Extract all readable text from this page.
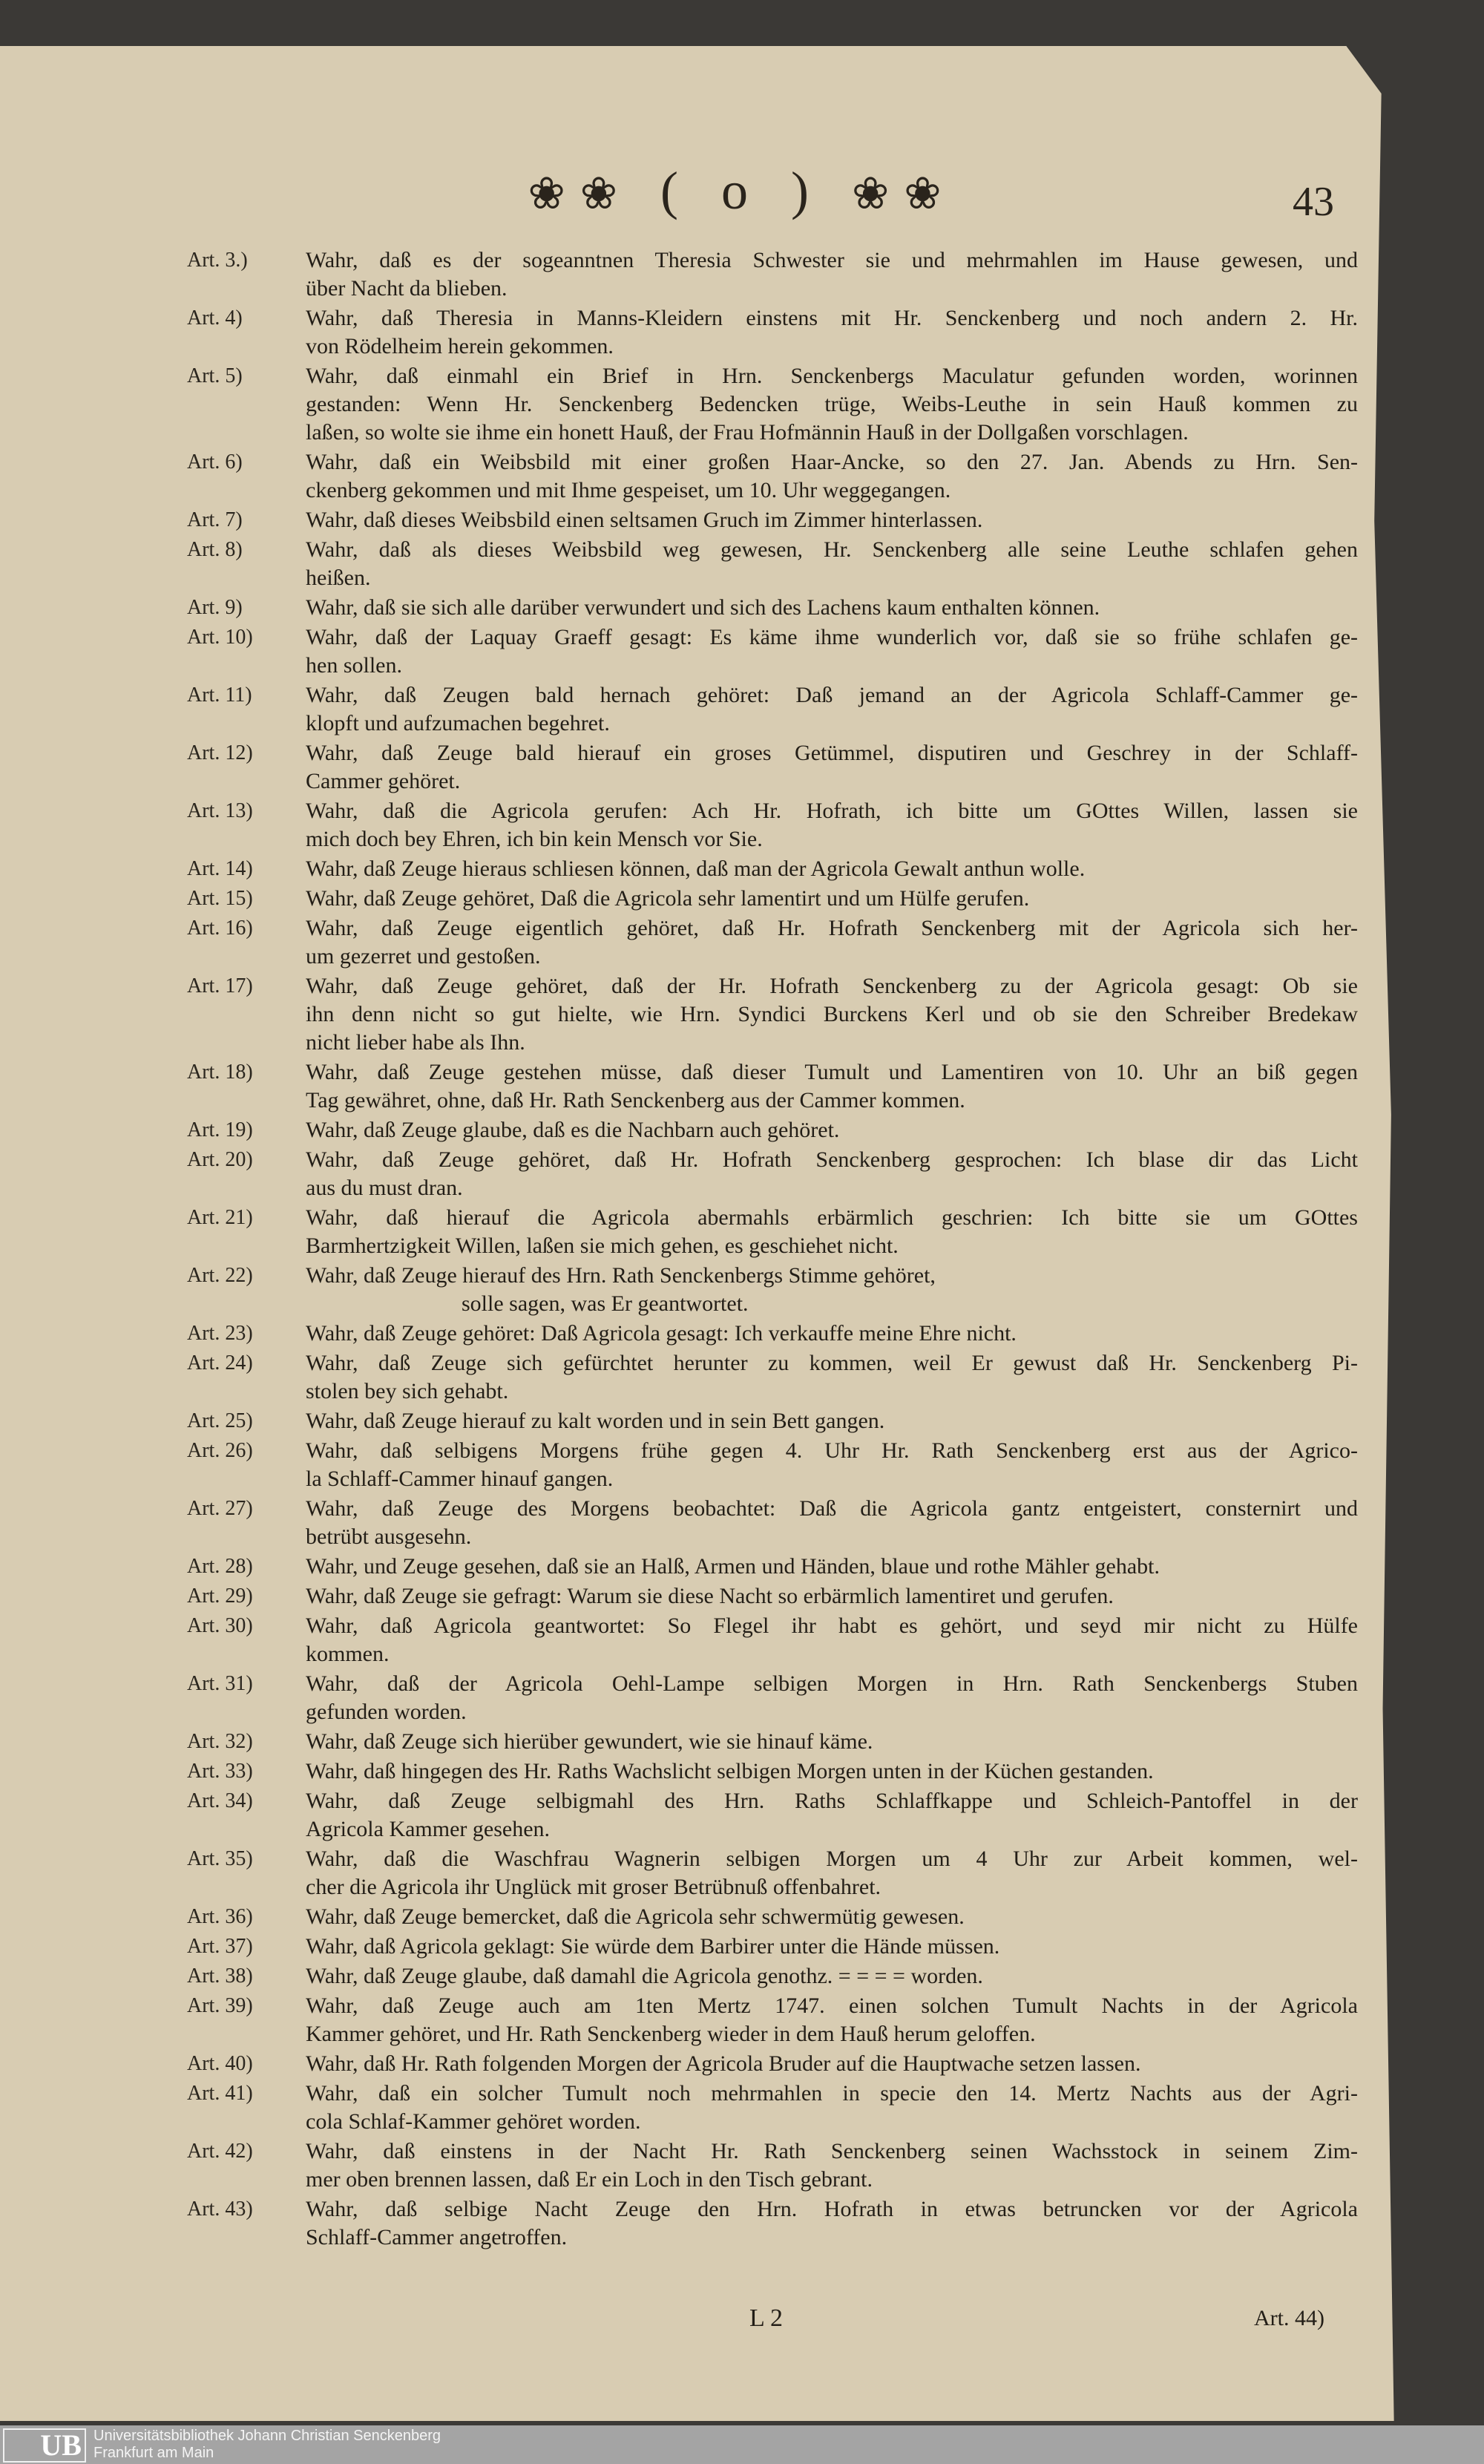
❀❀ ( o ) ❀❀	43
Art. 3.)	Wahr, daß es der sogeanntnen Theresia Schwester sie und mehrmahlen im Hause gewesen, und
über Nacht da blieben.
Art. 4)	Wahr, daß Theresia in Manns-Kleidern einstens mit Hr. Senckenberg und noch andern 2. Hr.
von Rödelheim herein gekommen.
Art. 5)	Wahr, daß einmahl ein Brief in Hrn. Senckenbergs Maculatur gefunden worden, worinnen
gestanden: Wenn Hr. Senckenberg Bedencken trüge, Weibs-Leuthe in sein Hauß kommen zu
laßen, so wolte sie ihme ein honett Hauß, der Frau Hofmännin Hauß in der Dollgaßen vorschlagen.
Art. 6)	Wahr, daß ein Weibsbild mit einer großen Haar-Ancke, so den 27. Jan. Abends zu Hrn. Sen-
ckenberg gekommen und mit Ihme gespeiset, um 10. Uhr weggegangen.
Art. 7)	Wahr, daß dieses Weibsbild einen seltsamen Gruch im Zimmer hinterlassen.
Art. 8)	Wahr, daß als dieses Weibsbild weg gewesen, Hr. Senckenberg alle seine Leuthe schlafen gehen
heißen.
Art. 9)	Wahr, daß sie sich alle darüber verwundert und sich des Lachens kaum enthalten können.
Art. 10)	Wahr, daß der Laquay Graeff gesagt: Es käme ihme wunderlich vor, daß sie so frühe schlafen ge-
hen sollen.
Art. 11)	Wahr, daß Zeugen bald hernach gehöret: Daß jemand an der Agricola Schlaff-Cammer ge-
klopft und aufzumachen begehret.
Art. 12)	Wahr, daß Zeuge bald hierauf ein groses Getümmel, disputiren und Geschrey in der Schlaff-
Cammer gehöret.
Art. 13)	Wahr, daß die Agricola gerufen: Ach Hr. Hofrath, ich bitte um GOttes Willen, lassen sie
mich doch bey Ehren, ich bin kein Mensch vor Sie.
Art. 14)	Wahr, daß Zeuge hieraus schliesen können, daß man der Agricola Gewalt anthun wolle.
Art. 15)	Wahr, daß Zeuge gehöret, Daß die Agricola sehr lamentirt und um Hülfe gerufen.
Art. 16)	Wahr, daß Zeuge eigentlich gehöret, daß Hr. Hofrath Senckenberg mit der Agricola sich her-
um gezerret und gestoßen.
Art. 17)	Wahr, daß Zeuge gehöret, daß der Hr. Hofrath Senckenberg zu der Agricola gesagt: Ob sie
ihn denn nicht so gut hielte, wie Hrn. Syndici Burckens Kerl und ob sie den Schreiber Bredekaw
nicht lieber habe als Ihn.
Art. 18)	Wahr, daß Zeuge gestehen müsse, daß dieser Tumult und Lamentiren von 10. Uhr an biß gegen
Tag gewähret, ohne, daß Hr. Rath Senckenberg aus der Cammer kommen.
Art. 19)	Wahr, daß Zeuge glaube, daß es die Nachbarn auch gehöret.
Art. 20)	Wahr, daß Zeuge gehöret, daß Hr. Hofrath Senckenberg gesprochen: Ich blase dir das Licht
aus du must dran.
Art. 21)	Wahr, daß hierauf die Agricola abermahls erbärmlich geschrien: Ich bitte sie um GOttes
Barmhertzigkeit Willen, laßen sie mich gehen, es geschiehet nicht.
Art. 22)	Wahr, daß Zeuge hierauf des Hrn. Rath Senckenbergs Stimme gehöret,
solle sagen, was Er geantwortet.
Art. 23)	Wahr, daß Zeuge gehöret: Daß Agricola gesagt: Ich verkauffe meine Ehre nicht.
Art. 24)	Wahr, daß Zeuge sich gefürchtet herunter zu kommen, weil Er gewust daß Hr. Senckenberg Pi-
stolen bey sich gehabt.
Art. 25)	Wahr, daß Zeuge hierauf zu kalt worden und in sein Bett gangen.
Art. 26)	Wahr, daß selbigens Morgens frühe gegen 4. Uhr Hr. Rath Senckenberg erst aus der Agrico-
la Schlaff-Cammer hinauf gangen.
Art. 27)	Wahr, daß Zeuge des Morgens beobachtet: Daß die Agricola gantz entgeistert, consternirt und
betrübt ausgesehn.
Art. 28)	Wahr, und Zeuge gesehen, daß sie an Halß, Armen und Händen, blaue und rothe Mähler gehabt.
Art. 29)	Wahr, daß Zeuge sie gefragt: Warum sie diese Nacht so erbärmlich lamentiret und gerufen.
Art. 30)	Wahr, daß Agricola geantwortet: So Flegel ihr habt es gehört, und seyd mir nicht zu Hülfe
kommen.
Art. 31)	Wahr, daß der Agricola Oehl-Lampe selbigen Morgen in Hrn. Rath Senckenbergs Stuben
gefunden worden.
Art. 32)	Wahr, daß Zeuge sich hierüber gewundert, wie sie hinauf käme.
Art. 33)	Wahr, daß hingegen des Hr. Raths Wachslicht selbigen Morgen unten in der Küchen gestanden.
Art. 34)	Wahr, daß Zeuge selbigmahl des Hrn. Raths Schlaffkappe und Schleich-Pantoffel in der
Agricola Kammer gesehen.
Art. 35)	Wahr, daß die Waschfrau Wagnerin selbigen Morgen um 4 Uhr zur Arbeit kommen, wel-
cher die Agricola ihr Unglück mit groser Betrübnuß offenbahret.
Art. 36)	Wahr, daß Zeuge bemercket, daß die Agricola sehr schwermütig gewesen.
Art. 37)	Wahr, daß Agricola geklagt: Sie würde dem Barbirer unter die Hände müssen.
Art. 38)	Wahr, daß Zeuge glaube, daß damahl die Agricola genothz. = = = = worden.
Art. 39)	Wahr, daß Zeuge auch am 1ten Mertz 1747. einen solchen Tumult Nachts in der Agricola
Kammer gehöret, und Hr. Rath Senckenberg wieder in dem Hauß herum geloffen.
Art. 40)	Wahr, daß Hr. Rath folgenden Morgen der Agricola Bruder auf die Hauptwache setzen lassen.
Art. 41)	Wahr, daß ein solcher Tumult noch mehrmahlen in specie den 14. Mertz Nachts aus der Agri-
cola Schlaf-Kammer gehöret worden.
Art. 42)	Wahr, daß einstens in der Nacht Hr. Rath Senckenberg seinen Wachsstock in seinem Zim-
mer oben brennen lassen, daß Er ein Loch in den Tisch gebrant.
Art. 43)	Wahr, daß selbige Nacht Zeuge den Hrn. Hofrath in etwas betruncken vor der Agricola
Schlaff-Cammer angetroffen.
L 2	Art. 44)
UB Universitätsbibliothek Johann Christian Senckenberg
Frankfurt am Main
